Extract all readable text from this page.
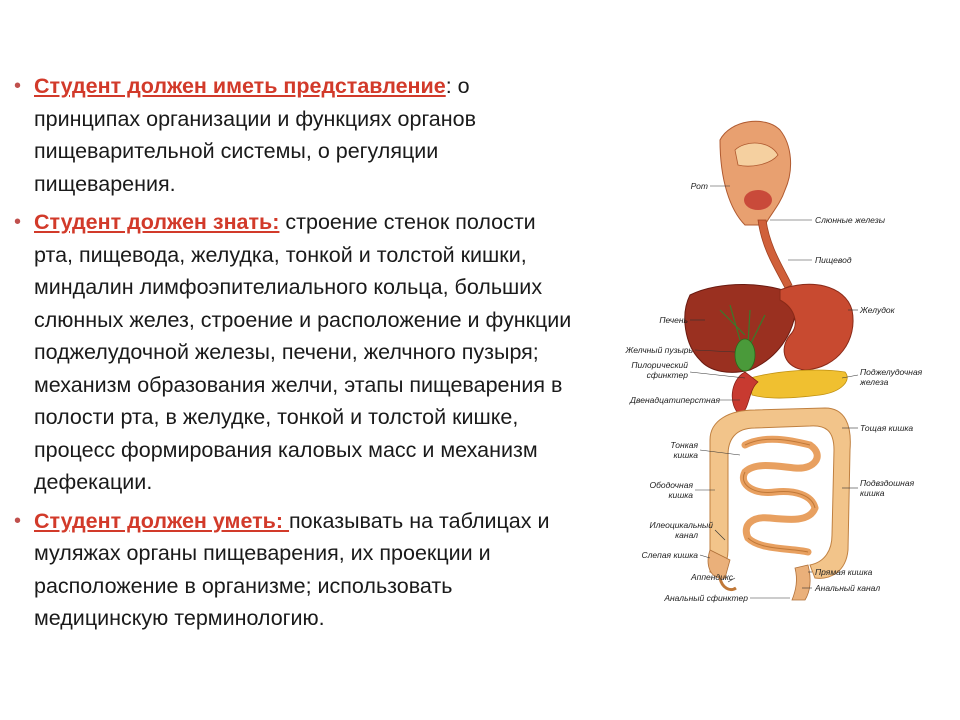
• Студент должен иметь представление: о принципах организации и функциях органов пищеварительной системы, о регуляции пищеварения.
• Студент должен знать: строение стенок полости рта, пищевода, желудка, тонкой и толстой кишки, миндалин лимфоэпителиального кольца, больших слюнных желез, строение и расположение и функции поджелудочной железы, печени, желчного пузыря; механизм образования желчи, этапы пищеварения в полости рта, в желудке, тонкой и толстой кишке, процесс формирования каловых масс и механизм дефекации.
• Студент должен уметь: показывать на таблицах и муляжах органы пищеварения, их проекции и расположение в организме; использовать медицинскую терминологию.
Рот
Печень
Желчный пузырь
Пилорический
сфинктер
Двенадцатиперстная
Тонкая
кишка
Ободочная
кишка
Илеоцикальный
канал
Слепая кишка
Аппендикс
Анальный сфинктер
Слюнные железы
Пищевод
Желудок
Поджелудочная
железа
Тощая кишка
Подвздошная
кишка
Прямая кишка
Анальный канал
